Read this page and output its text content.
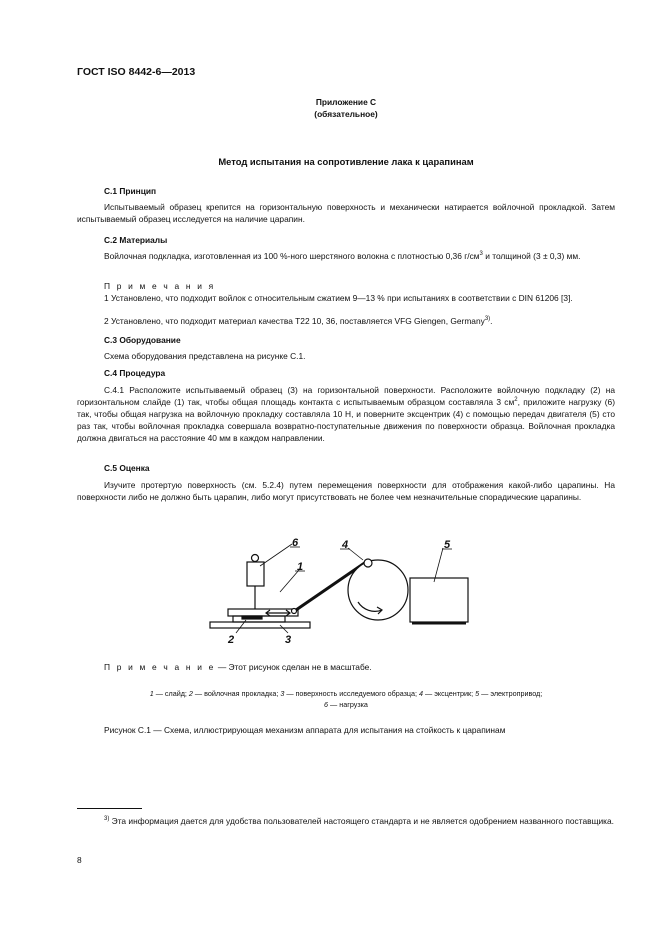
ГОСТ ISO 8442-6—2013
Приложение С
(обязательное)
Метод испытания на сопротивление лака к царапинам
С.1 Принцип
Испытываемый образец крепится на горизонтальную поверхность и механически натирается войлочной прокладкой. Затем испытываемый образец исследуется на наличие царапин.
С.2 Материалы
Войлочная подкладка, изготовленная из 100 %-ного шерстяного волокна с плотностью 0,36 $г/см^3$ и толщиной (3 ± 0,3) мм.
П р и м е ч а н и я
1 Установлено, что подходит войлок с относительным сжатием 9—13 % при испытаниях в соответствии с DIN 61206 [3].
2 Установлено, что подходит материал качества Т22 10, 36, поставляется VFG Giengen, Germany$^{3)}$.
С.3 Оборудование
Схема оборудования представлена на рисунке С.1.
С.4 Процедура
С.4.1 Расположите испытываемый образец (3) на горизонтальной поверхности. Расположите войлочную подкладку (2) на горизонтальном слайде (1) так, чтобы общая площадь контакта с испытываемым образцом составляла 3 $см^2$, приложите нагрузку (6) так, чтобы общая нагрузка на войлочную прокладку составляла 10 Н, и поверните эксцентрик (4) с помощью передач двигателя (5) сто раз так, чтобы войлочная прокладка совершала возвратно-поступательные движения по поверхности образца. Войлочная прокладка должна двигаться на расстояние 40 мм в каждом направлении.
С.5 Оценка
Изучите протертую поверхность (см. 5.2.4) путем перемещения поверхности для отображения какой-либо царапины. На поверхности либо не должно быть царапин, либо могут присутствовать не более чем незначительные спорадические царапины.
6
1
4	5
2	3
П р и м е ч а н и е — Этот рисунок сделан не в масштабе.
1 — слайд; 2 — войлочная прокладка; 3 — поверхность исследуемого образца; 4 — эксцентрик; 5 — электропривод;
6 — нагрузка
Рисунок С.1 — Схема, иллюстрирующая механизм аппарата для испытания на стойкость к царапинам
$^{3)}$ Эта информация дается для удобства пользователей настоящего стандарта и не является одобрением названного поставщика.
8
